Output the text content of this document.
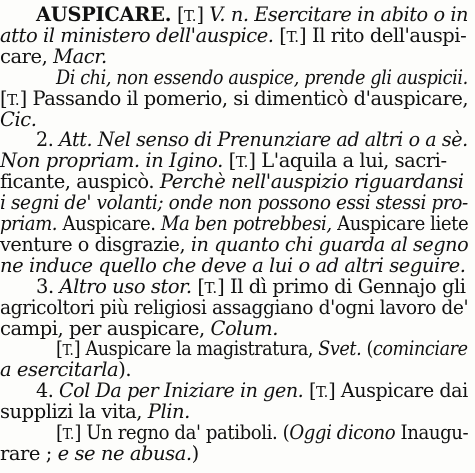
AUSPICARE. [T.] V. n. Esercitare in abito o in
atto il ministero dell'auspice. [T.] Il rito dell'auspi-
care, Macr.
Di chi, non essendo auspice, prende gli auspicii.
[T.] Passando il pomerio, si dimenticò d'auspicare,
Cic.
2. Att. Nel senso di Prenunziare ad altri o a sè.
Non propriam. in Igino. [T.] L'aquila a lui, sacri-
ficante, auspicò. Perchè nell'auspizio riguardansi
i segni de' volanti; onde non possono essi stessi pro-
priam. Auspicare. Ma ben potrebbesi, Auspicare liete
venture o disgrazie, in quanto chi guarda al segno
ne induce quello che deve a lui o ad altri seguire.
3. Altro uso stor. [T.] Il dì primo di Gennajo gli
agricoltori più religiosi assaggiano d'ogni lavoro de'
campi, per auspicare, Colum.
[T.] Auspicare la magistratura, Svet. (cominciare
a esercitarla).
4. Col Da per Iniziare in gen. [T.] Auspicare dai
supplizi la vita, Plin.
[T.] Un regno da' patiboli. (Oggi dicono Inaugu-
rare ; e se ne abusa.)
